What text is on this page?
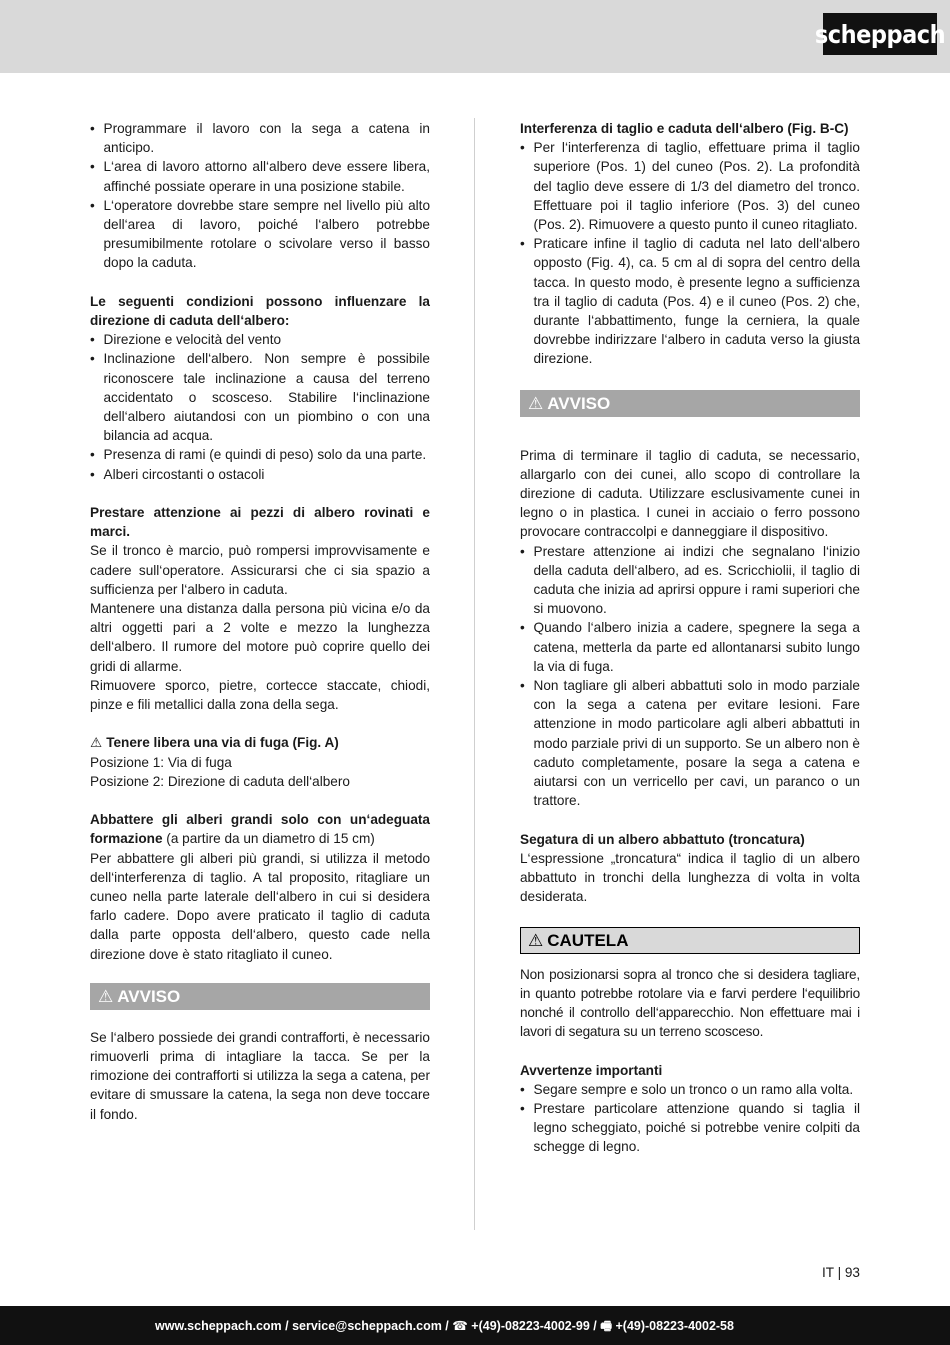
scheppach
• Programmare il lavoro con la sega a catena in anticipo.
• L‘area di lavoro attorno all‘albero deve essere libera, affinché possiate operare in una posizione stabile.
• L‘operatore dovrebbe stare sempre nel livello più alto dell‘area di lavoro, poiché l‘albero potrebbe presumibilmente rotolare o scivolare verso il basso dopo la caduta.

Le seguenti condizioni possono influenzare la direzione di caduta dell‘albero:

• Direzione e velocità del vento
• Inclinazione dell‘albero. Non sempre è possibile riconoscere tale inclinazione a causa del terreno accidentato o scosceso. Stabilire l‘inclinazione dell‘albero aiutandosi con un piombino o con una bilancia ad acqua.
• Presenza di rami (e quindi di peso) solo da una parte.
• Alberi circostanti o ostacoli

Prestare attenzione ai pezzi di albero rovinati e marci.

Se il tronco è marcio, può rompersi improvvisamente e cadere sull‘operatore. Assicurarsi che ci sia spazio a sufficienza per l‘albero in caduta.

Mantenere una distanza dalla persona più vicina e/o da altri oggetti pari a 2 volte e mezzo la lunghezza dell‘albero. Il rumore del motore può coprire quello dei gridi di allarme.

Rimuovere sporco, pietre, cortecce staccate, chiodi, pinze e fili metallici dalla zona della sega.

⚠ Tenere libera una via di fuga (Fig. A)

Posizione 1: Via di fuga

Posizione 2: Direzione di caduta dell‘albero

Abbattere gli alberi grandi solo con un‘adeguata formazione (a partire da un diametro di 15 cm)

Per abbattere gli alberi più grandi, si utilizza il metodo dell‘interferenza di taglio. A tal proposito, ritagliare un cuneo nella parte laterale dell‘albero in cui si desidera farlo cadere. Dopo avere praticato il taglio di caduta dalla parte opposta dell‘albero, questo cade nella direzione dove è stato ritagliato il cuneo.

⚠ AVVISO

Se l‘albero possiede dei grandi contrafforti, è necessario rimuoverli prima di intagliare la tacca. Se per la rimozione dei contrafforti si utilizza la sega a catena, per evitare di smussare la catena, la sega non deve toccare il fondo.

Interferenza di taglio e caduta dell‘albero (Fig. B-C)

• Per l‘interferenza di taglio, effettuare prima il taglio superiore (Pos. 1) del cuneo (Pos. 2). La profondità del taglio deve essere di 1/3 del diametro del tronco. Effettuare poi il taglio inferiore (Pos. 3) del cuneo (Pos. 2). Rimuovere a questo punto il cuneo ritagliato.
• Praticare infine il taglio di caduta nel lato dell‘albero opposto (Fig. 4), ca. 5 cm al di sopra del centro della tacca. In questo modo, è presente legno a sufficienza tra il taglio di caduta (Pos. 4) e il cuneo (Pos. 2) che, durante l‘abbattimento, funge la cerniera, la quale dovrebbe indirizzare l‘albero in caduta verso la giusta direzione.
⚠ AVVISO

Prima di terminare il taglio di caduta, se necessario, allargarlo con dei cunei, allo scopo di controllare la direzione di caduta. Utilizzare esclusivamente cunei in legno o in plastica. I cunei in acciaio o ferro possono provocare contraccolpi e danneggiare il dispositivo.

• Prestare attenzione ai indizi che segnalano l‘inizio della caduta dell‘albero, ad es. Scricchiolii, il taglio di caduta che inizia ad aprirsi oppure i rami superiori che si muovono.
• Quando l‘albero inizia a cadere, spegnere la sega a catena, metterla da parte ed allontanarsi subito lungo la via di fuga.
• Non tagliare gli alberi abbattuti solo in modo parziale con la sega a catena per evitare lesioni. Fare attenzione in modo particolare agli alberi abbattuti in modo parziale privi di un supporto. Se un albero non è caduto completamente, posare la sega a catena e aiutarsi con un verricello per cavi, un paranco o un trattore.

Segatura di un albero abbattuto (troncatura)

L‘espressione „troncatura“ indica il taglio di un albero abbattuto in tronchi della lunghezza di volta in volta desiderata.

⚠ CAUTELA

Non posizionarsi sopra al tronco che si desidera tagliare, in quanto potrebbe rotolare via e farvi perdere l‘equilibrio nonché il controllo dell‘apparecchio. Non effettuare mai i lavori di segatura su un terreno scosceso.

Avvertenze importanti

• Segare sempre e solo un tronco o un ramo alla volta.
• Prestare particolare attenzione quando si taglia il legno scheggiato, poiché si potrebbe venire colpiti da schegge di legno.
IT | 93
www.scheppach.com / service@scheppach.com / ☎ +(49)-08223-4002-99 / 🖷 +(49)-08223-4002-58
